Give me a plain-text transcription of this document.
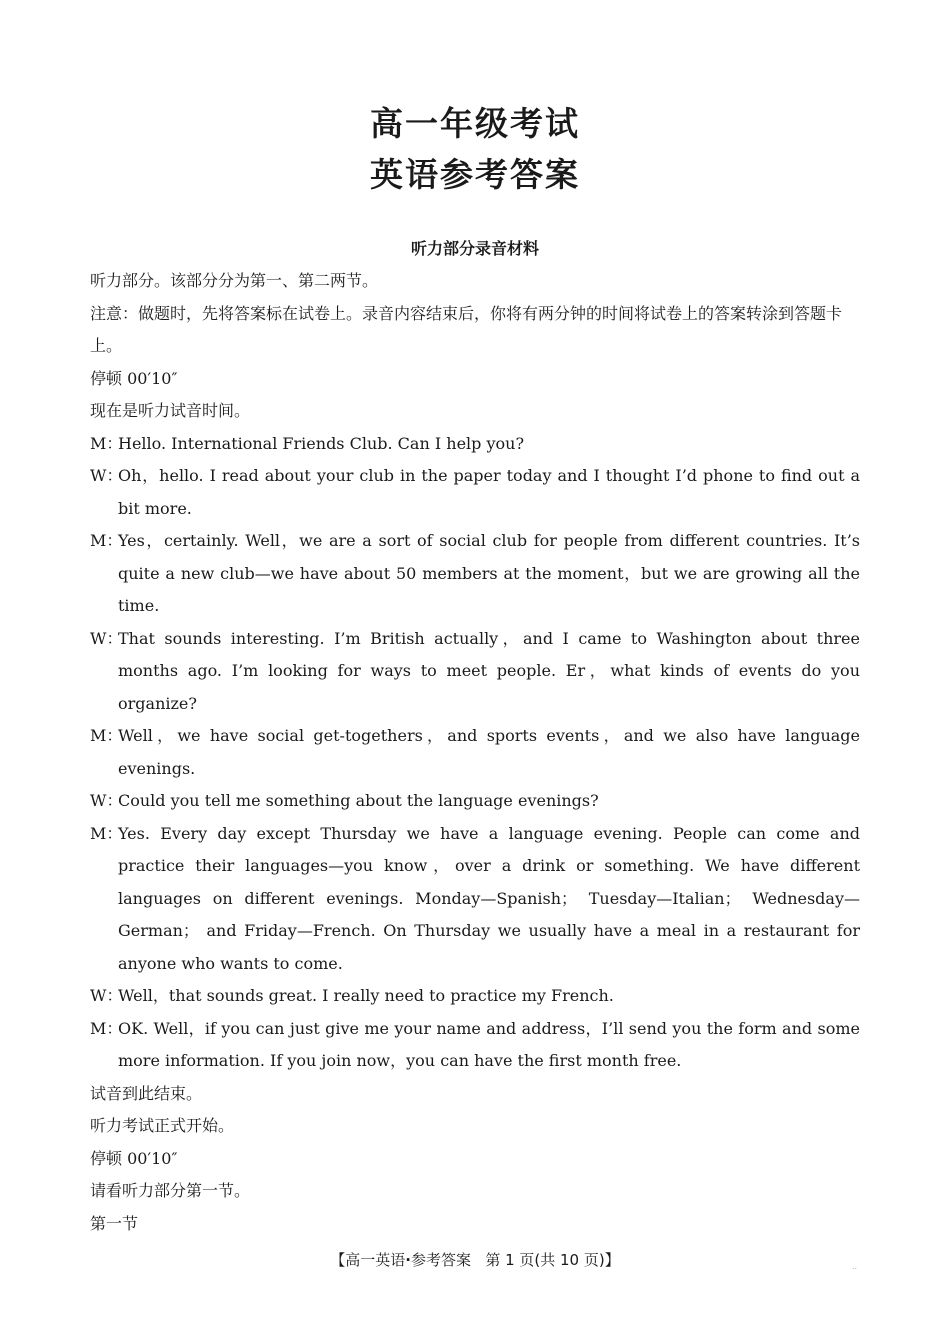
高一年级考试
英语参考答案
听力部分录音材料

听力部分。该部分分为第一、第二两节。

注意：做题时，先将答案标在试卷上。录音内容结束后，你将有两分钟的时间将试卷上的答案转涂到答题卡上。

停顿 00′10″

现在是听力试音时间。

M：Hello. International Friends Club. Can I help you?

W：Oh，hello. I read about your club in the paper today and I thought I’d phone to find out a bit more.

M：Yes，certainly. Well，we are a sort of social club for people from different countries. It’s quite a new club—we have about 50 members at the moment，but we are growing all the time.

W：That sounds interesting. I’m British actually，and I came to Washington about three months ago. I’m looking for ways to meet people. Er，what kinds of events do you organize?

M：Well，we have social get-togethers，and sports events，and we also have language evenings.

W：Could you tell me something about the language evenings?

M：Yes. Every day except Thursday we have a language evening. People can come and practice their languages—you know，over a drink or something. We have different languages on different evenings. Monday—Spanish； Tuesday—Italian； Wednesday—German； and Friday—French. On Thursday we usually have a meal in a restaurant for anyone who wants to come.

W：Well，that sounds great. I really need to practice my French.

M：OK. Well，if you can just give me your name and address，I’ll send you the form and some more information. If you join now，you can have the first month free.

试音到此结束。

听力考试正式开始。

停顿 00′10″

请看听力部分第一节。

第一节

【高一英语·参考答案 第 1 页(共 10 页)】	..
